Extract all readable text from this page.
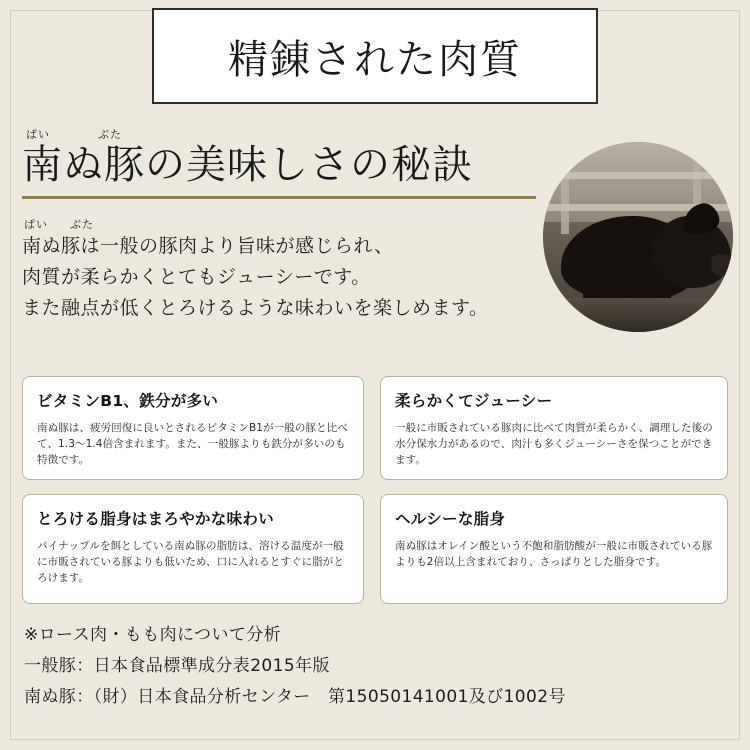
精錬された肉質
ぱい	ぶた
南ぬ豚の美味しさの秘訣
ぱい ぶた

南ぬ豚は一般の豚肉より旨味が感じられ、

肉質が柔らかくとてもジューシーです。

また融点が低くとろけるような味わいを楽しめます。

ビタミンB1、鉄分が多い
南ぬ豚は、疲労回復に良いとされるビタミンB1が一般の豚と比べて、1.3～1.4倍含まれます。また、一般豚よりも鉄分が多いのも特徴です。
柔らかくてジューシー
一般に市販されている豚肉に比べて肉質が柔らかく、調理した後の水分保水力があるので、肉汁も多くジューシーさを保つことができます。
とろける脂身はまろやかな味わい
パイナップルを餌としている南ぬ豚の脂肪は、溶ける温度が一般に市販されている豚よりも低いため、口に入れるとすぐに脂がとろけます。
ヘルシーな脂身
南ぬ豚はオレイン酸という不飽和脂肪酸が一般に市販されている豚よりも2倍以上含まれており、さっぱりとした脂身です。
※ロース肉・もも肉について分析
一般豚：日本食品標準成分表2015年版
南ぬ豚：（財）日本食品分析センター　第15050141001及び1002号
